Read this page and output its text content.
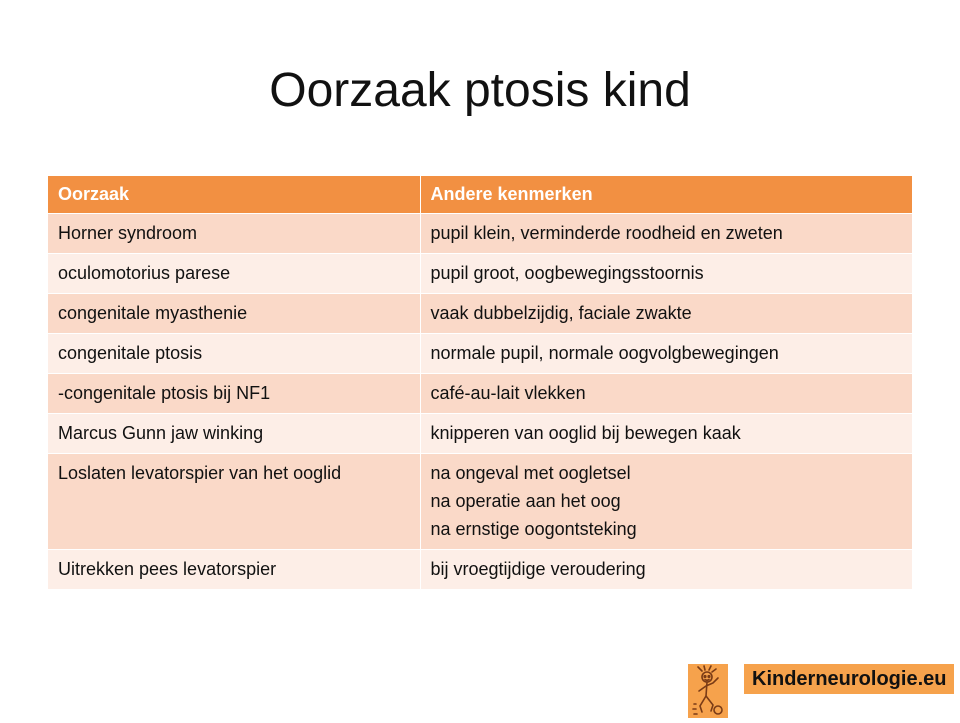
Oorzaak ptosis kind
Oorzaak	Andere kenmerken
Horner syndroom	pupil klein, verminderde roodheid en zweten
oculomotorius parese	pupil groot, oogbewegingsstoornis
congenitale myasthenie	vaak dubbelzijdig, faciale zwakte
congenitale ptosis	normale pupil, normale oogvolgbewegingen
-congenitale ptosis bij NF1	café-au-lait vlekken
Marcus Gunn jaw winking	knipperen van ooglid bij bewegen kaak
Loslaten levatorspier van het ooglid	na ongeval met oogletsel
na operatie aan het oog
na ernstige oogontsteking

Uitrekken pees levatorspier	bij vroegtijdige veroudering
Kinderneurologie.eu
